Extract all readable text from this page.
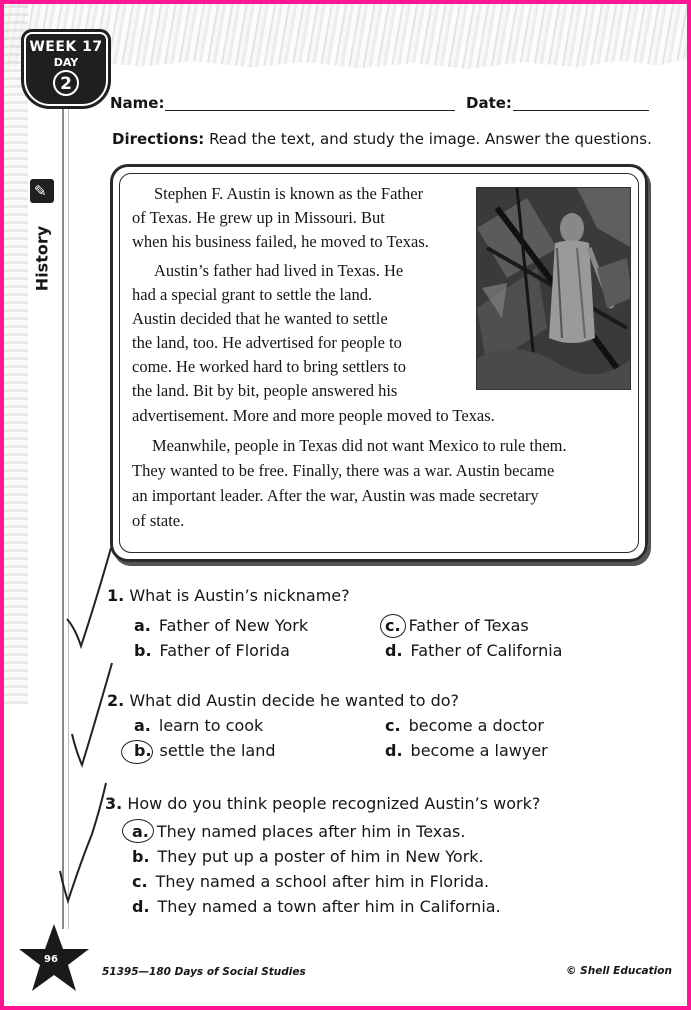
WEEK 17
DAY
2
Name:	Date:
Directions: Read the text, and study the image. Answer the questions.
✎
History

Stephen F. Austin is known as the Father

of Texas. He grew up in Missouri. But

when his business failed, he moved to Texas.

Austin’s father had lived in Texas. He

had a special grant to settle the land.

Austin decided that he wanted to settle

the land, too. He advertised for people to

come. He worked hard to bring settlers to

the land. Bit by bit, people answered his

advertisement. More and more people moved to Texas.

Meanwhile, people in Texas did not want Mexico to rule them.

They wanted to be free. Finally, there was a war. Austin became

an important leader. After the war, Austin was made secretary

of state.

1. What is Austin’s nickname?
a. Father of New York
b. Father of Florida
c. Father of Texas
d. Father of California
2. What did Austin decide he wanted to do?
a. learn to cook
b. settle the land
c. become a doctor
d. become a lawyer
3. How do you think people recognized Austin’s work?
a. They named places after him in Texas.
b. They put up a poster of him in New York.
c. They named a school after him in Florida.
d. They named a town after him in California.
96
51395—180 Days of Social Studies	© Shell Education
